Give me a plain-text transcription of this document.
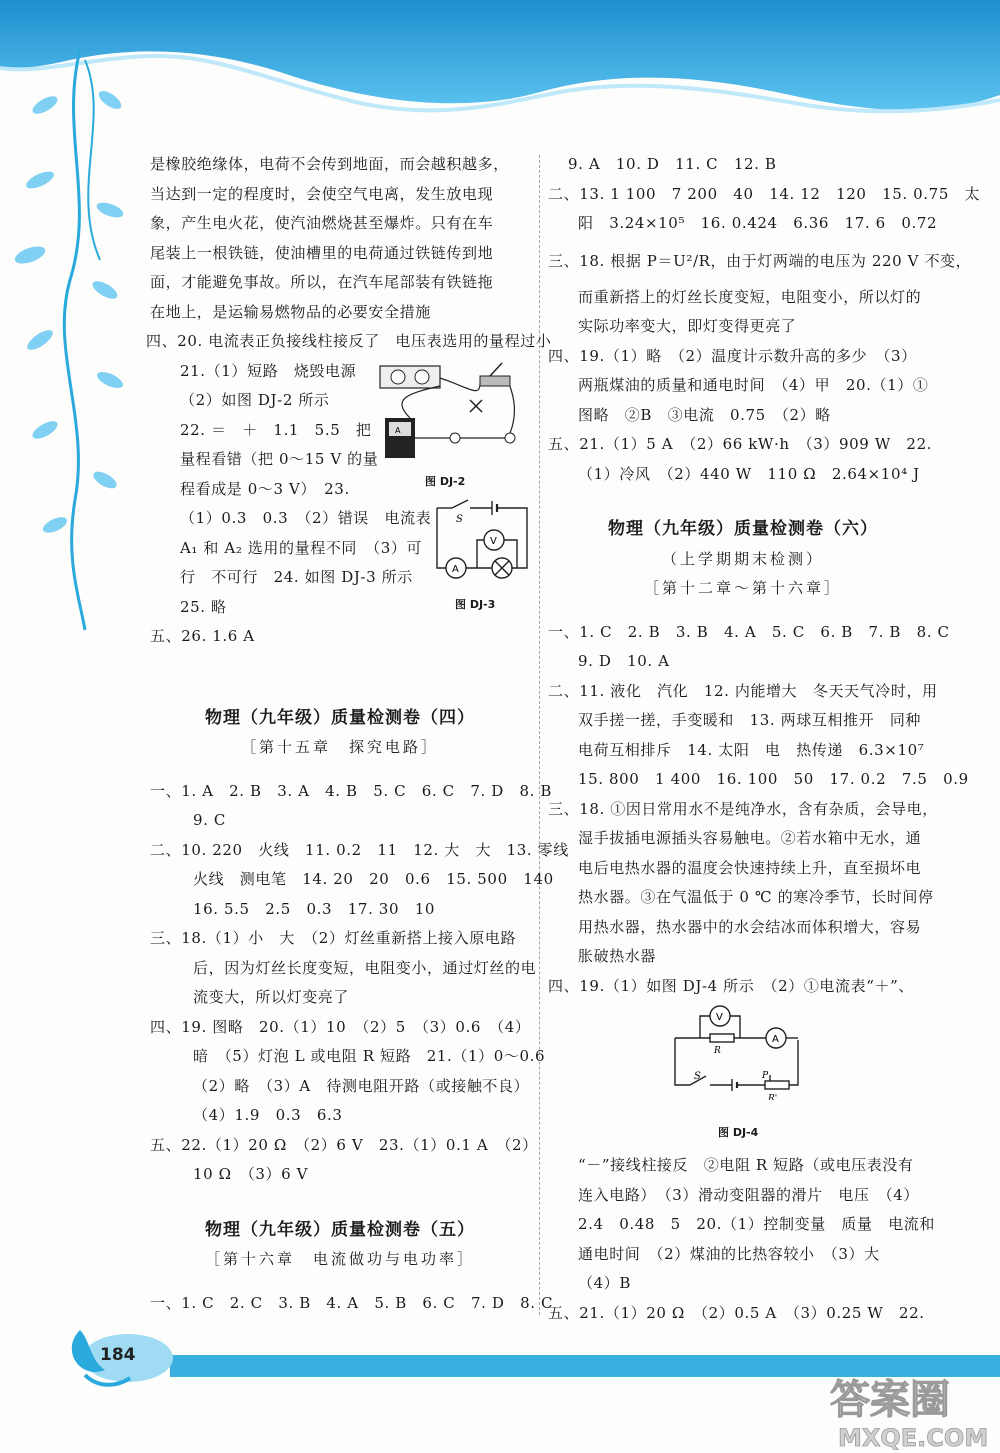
是橡胶绝缘体，电荷不会传到地面，而会越积越多，

当达到一定的程度时，会使空气电离，发生放电现

象，产生电火花，使汽油燃烧甚至爆炸。只有在车

尾装上一根铁链，使油槽里的电荷通过铁链传到地

面，才能避免事故。所以，在汽车尾部装有铁链拖

在地上，是运输易燃物品的必要安全措施

四、20. 电流表正负接线柱接反了　电压表选用的量程过小

21.（1）短路　烧毁电源

（2）如图 DJ-2 所示

22. ＝　＋　1.1　5.5　把

量程看错（把 0～15 V 的量

程看成是 0～3 V）　23.

（1）0.3　0.3　（2）错误　电流表

A₁ 和 A₂ 选用的量程不同　（3）可

行　不可行　24. 如图 DJ-3 所示

25. 略

五、26. 1.6 A

物理（九年级）质量检测卷（四）

［第十五章　探究电路］

一、1. A　2. B　3. A　4. B　5. C　6. C　7. D　8. B

9. C

二、10. 220　火线　11. 0.2　11　12. 大　大　13. 零线

火线　测电笔　14. 20　20　0.6　15. 500　140

16. 5.5　2.5　0.3　17. 30　10

三、18.（1）小　大　（2）灯丝重新搭上接入原电路

后，因为灯丝长度变短，电阻变小，通过灯丝的电

流变大，所以灯变亮了

四、19. 图略　20.（1）10　（2）5　（3）0.6　（4）

暗　（5）灯泡 L 或电阻 R 短路　21.（1）0～0.6

（2）略　（3）A　待测电阻开路（或接触不良）

（4）1.9　0.3　6.3

五、22.（1）20 Ω　（2）6 V　23.（1）0.1 A　（2）

10 Ω　（3）6 V

物理（九年级）质量检测卷（五）

［第十六章　电流做功与电功率］

一、1. C　2. C　3. B　4. A　5. B　6. C　7. D　8. C

A
图 DJ-2
S
A
V
图 DJ-3

9. A　10. D　11. C　12. B

二、13. 1 100　7 200　40　14. 12　120　15. 0.75　太

阳　3.24×10⁵　16. 0.424　6.36　17. 6　0.72

三、18. 根据 P＝U²/R，由于灯两端的电压为 220 V 不变，

而重新搭上的灯丝长度变短，电阻变小，所以灯的

实际功率变大，即灯变得更亮了

四、19.（1）略　（2）温度计示数升高的多少　（3）

两瓶煤油的质量和通电时间　（4）甲　20.（1）①

图略　②B　③电流　0.75　（2）略

五、21.（1）5 A　（2）66 kW·h　（3）909 W　22.

（1）冷风　（2）440 W　110 Ω　2.64×10⁴ J

物理（九年级）质量检测卷（六）

（上学期期末检测）

［第十二章～第十六章］

一、1. C　2. B　3. B　4. A　5. C　6. B　7. B　8. C

9. D　10. A

二、11. 液化　汽化　12. 内能增大　冬天天气冷时，用

双手搓一搓，手变暖和　13. 两球互相推开　同种

电荷互相排斥　14. 太阳　电　热传递　6.3×10⁷

15. 800　1 400　16. 100　50　17. 0.2　7.5　0.9

三、18. ①因日常用水不是纯净水，含有杂质，会导电，

湿手拔插电源插头容易触电。②若水箱中无水，通

电后电热水器的温度会快速持续上升，直至损坏电

热水器。③在气温低于 0 ℃ 的寒冷季节，长时间停

用热水器，热水器中的水会结冰而体积增大，容易

胀破热水器

四、19.（1）如图 DJ-4 所示　（2）①电流表“＋”、

“－”接线柱接反　②电阻 R 短路（或电压表没有

连入电路）　（3）滑动变阻器的滑片　电压　（4）

2.4　0.48　5　20.（1）控制变量　质量　电流和

通电时间　（2）煤油的比热容较小　（3）大

（4）B

五、21.（1）20 Ω　（2）0.5 A　（3）0.25 W　22.

S	P
R'
R
A
V
图 DJ-4
184
答案圈
MXQE.COM
